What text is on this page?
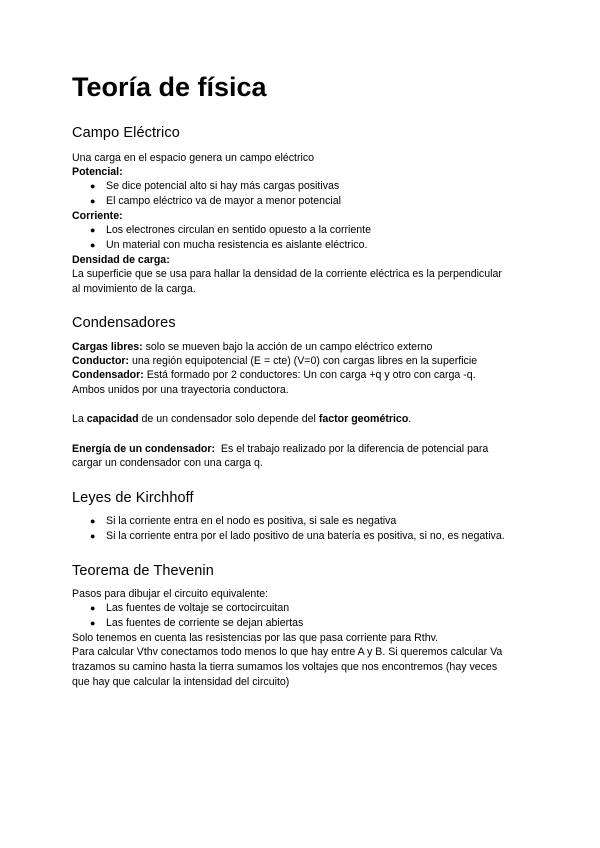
Teoría de física
Campo Eléctrico
Una carga en el espacio genera un campo eléctrico
Potencial:
● Se dice potencial alto si hay más cargas positivas
● El campo eléctrico va de mayor a menor potencial
Corriente:
● Los electrones circulan en sentido opuesto a la corriente
● Un material con mucha resistencia es aislante eléctrico.
Densidad de carga:
La superficie que se usa para hallar la densidad de la corriente eléctrica es la perpendicular
al movimiento de la carga.
Condensadores
Cargas libres: solo se mueven bajo la acción de un campo eléctrico externo
Conductor: una región equipotencial (E = cte) (V=0) con cargas libres en la superficie
Condensador: Está formado por 2 conductores: Un con carga +q y otro con carga -q.
Ambos unidos por una trayectoria conductora.
La capacidad de un condensador solo depende del factor geométrico.
Energía de un condensador:  Es el trabajo realizado por la diferencia de potencial para
cargar un condensador con una carga q.
Leyes de Kirchhoff
● Si la corriente entra en el nodo es positiva, si sale es negativa
● Si la corriente entra por el lado positivo de una batería es positiva, si no, es negativa.
Teorema de Thevenin
Pasos para dibujar el circuito equivalente:
● Las fuentes de voltaje se cortocircuitan
● Las fuentes de corriente se dejan abiertas
Solo tenemos en cuenta las resistencias por las que pasa corriente para Rthv.
Para calcular Vthv conectamos todo menos lo que hay entre A y B. Si queremos calcular Va
trazamos su camino hasta la tierra sumamos los voltajes que nos encontremos (hay veces
que hay que calcular la intensidad del circuito)
